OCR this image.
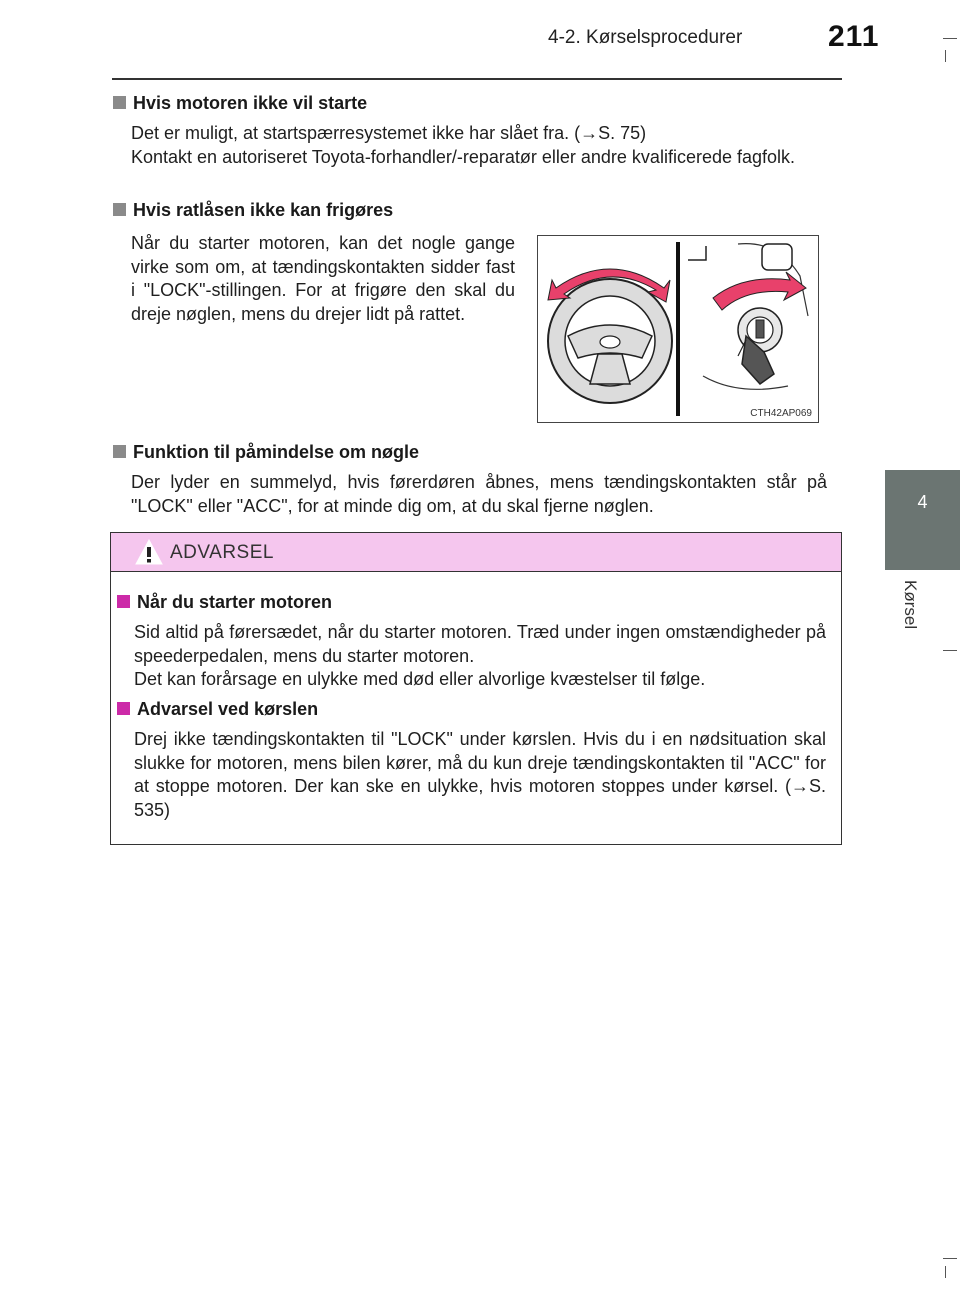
4-2. Kørselsprocedurer	211
4
Kørsel
Hvis motoren ikke vil starte

Det er muligt, at startspærresystemet ikke har slået fra. (→S. 75)

Kontakt en autoriseret Toyota-forhandler/-reparatør eller andre kvalificerede fagfolk.

Hvis ratlåsen ikke kan frigøres

Når du starter motoren, kan det nogle gange virke som om, at tændingskontakten sidder fast i "LOCK"-stillingen. For at frigøre den skal du dreje nøglen, mens du drejer lidt på rattet.

CTH42AP069
Funktion til påmindelse om nøgle

Der lyder en summelyd, hvis førerdøren åbnes, mens tændingskontakten står på "LOCK" eller "ACC", for at minde dig om, at du skal fjerne nøglen.

ADVARSEL
Når du starter motoren

Sid altid på førersædet, når du starter motoren. Træd under ingen omstændigheder på speederpedalen, mens du starter motoren.

Det kan forårsage en ulykke med død eller alvorlige kvæstelser til følge.

Advarsel ved kørslen

Drej ikke tændingskontakten til "LOCK" under kørslen. Hvis du i en nødsituation skal slukke for motoren, mens bilen kører, må du kun dreje tændingskontakten til "ACC" for at stoppe motoren. Der kan ske en ulykke, hvis motoren stoppes under kørsel. (→S. 535)
